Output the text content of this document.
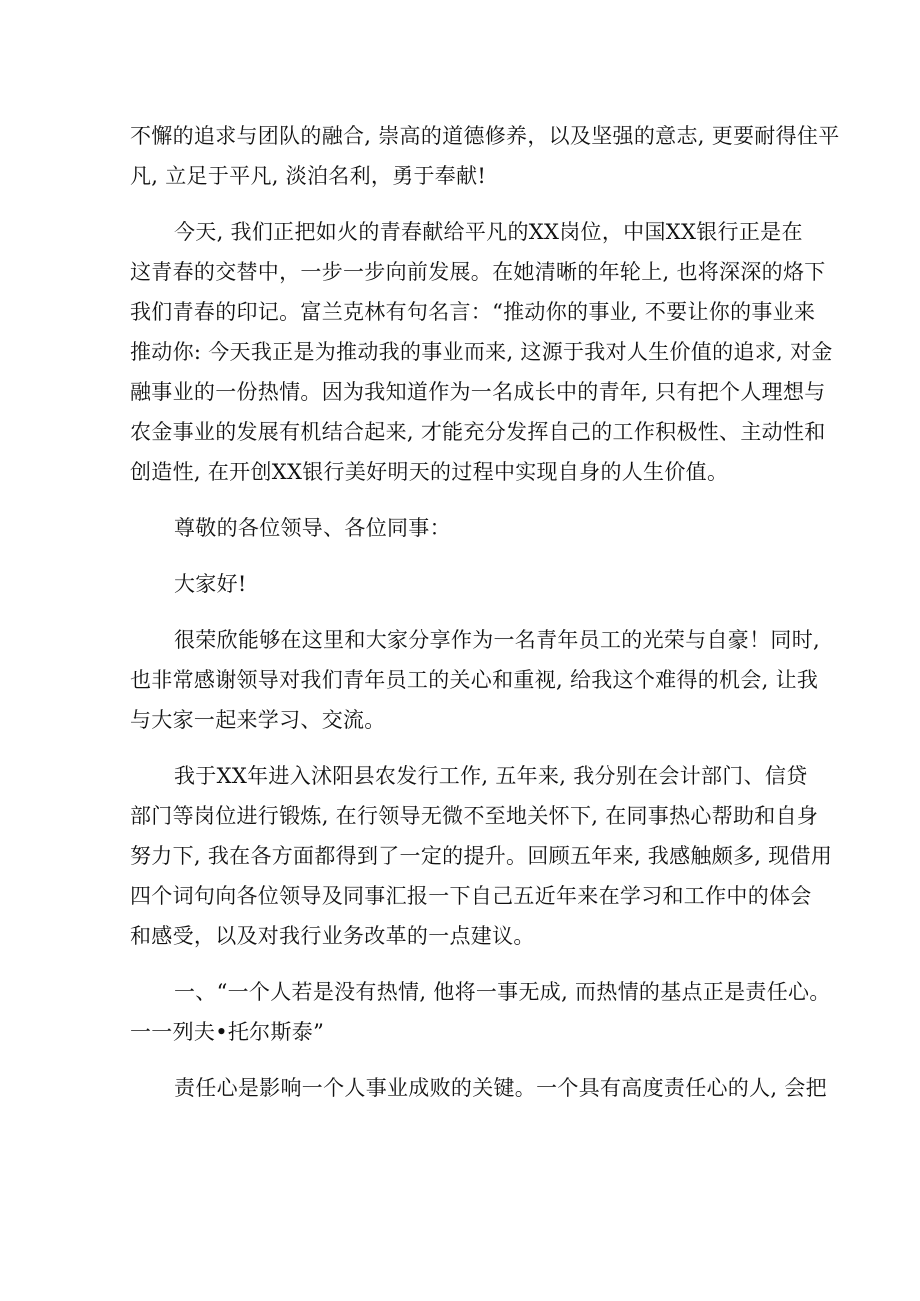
不懈的追求与团队的融合, 崇高的道德修养，以及坚强的意志, 更要耐得住平
凡, 立足于平凡, 淡泊名利，勇于奉献!

今天, 我们正把如火的青春献给平凡的XX岗位，中国XX银行正是在
这青春的交替中，一步一步向前发展。在她清晰的年轮上, 也将深深的烙下
我们青春的印记。富兰克林有句名言：“推动你的事业, 不要让你的事业来
推动你: 今天我正是为推动我的事业而来, 这源于我对人生价值的追求, 对金
融事业的一份热情。因为我知道作为一名成长中的青年, 只有把个人理想与
农金事业的发展有机结合起来, 才能充分发挥自己的工作积极性、主动性和
创造性, 在开创XX银行美好明天的过程中实现自身的人生价值。

尊敬的各位领导、各位同事：

大家好!

很荣欣能够在这里和大家分享作为一名青年员工的光荣与自豪！同时,
也非常感谢领导对我们青年员工的关心和重视, 给我这个难得的机会, 让我
与大家一起来学习、交流。

我于XX年进入沭阳县农发行工作, 五年来, 我分别在会计部门、信贷
部门等岗位进行锻炼, 在行领导无微不至地关怀下, 在同事热心帮助和自身
努力下, 我在各方面都得到了一定的提升。回顾五年来, 我感触颇多, 现借用
四个词句向各位领导及同事汇报一下自己五近年来在学习和工作中的体会
和感受，以及对我行业务改革的一点建议。

一、“一个人若是没有热情, 他将一事无成, 而热情的基点正是责任心。
一一列夫•托尔斯泰”

责任心是影响一个人事业成败的关键。一个具有高度责任心的人, 会把
